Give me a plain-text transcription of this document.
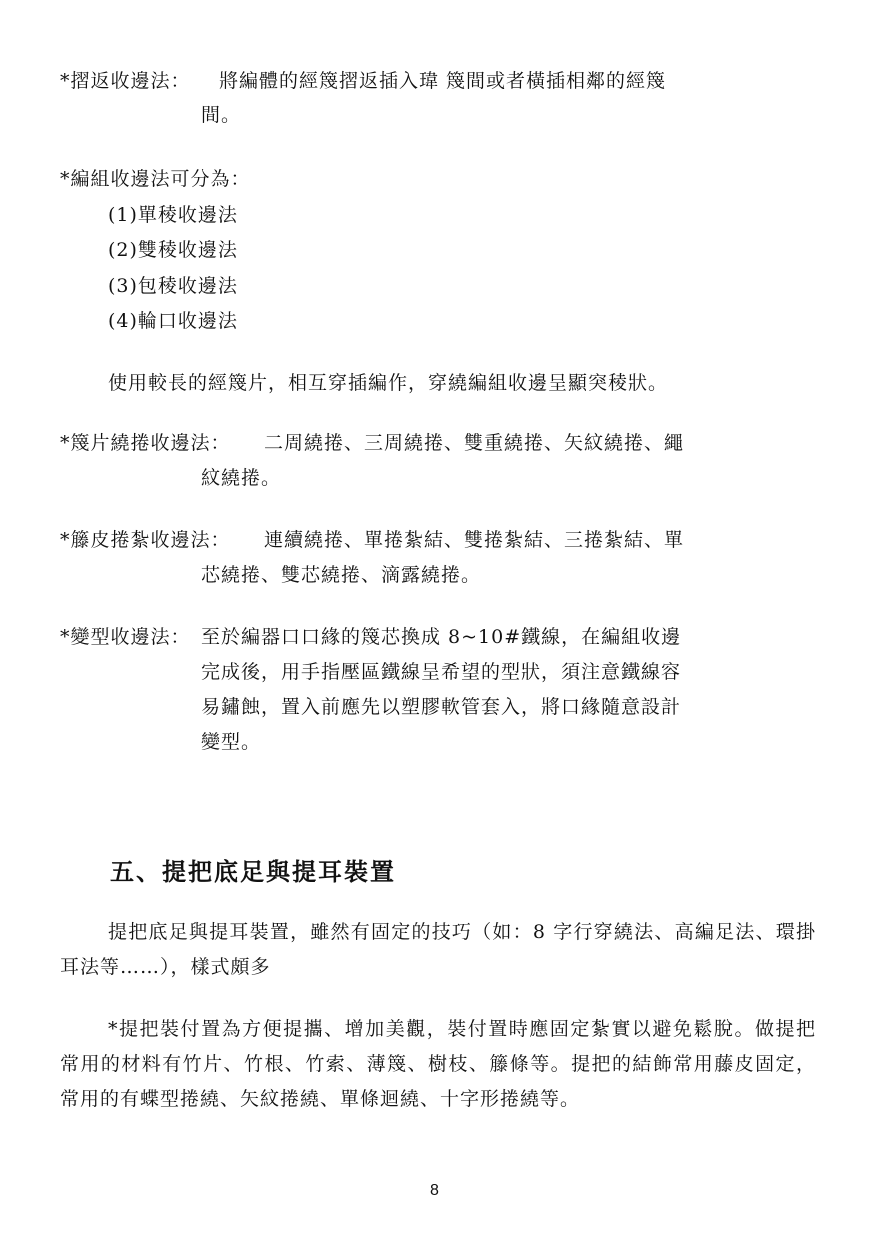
*摺返收邊法： 將編體的經篾摺返插入瑋 篾間或者橫插相鄰的經篾
間。
*編組收邊法可分為：
(1)單稜收邊法
(2)雙稜收邊法
(3)包稜收邊法
(4)輪口收邊法
使用較長的經篾片，相互穿插編作，穿繞編組收邊呈顯突稜狀。
*篾片繞捲收邊法： 二周繞捲、三周繞捲、雙重繞捲、矢紋繞捲、繩
紋繞捲。
*籐皮捲紮收邊法： 連續繞捲、單捲紮結、雙捲紮結、三捲紮結、單
芯繞捲、雙芯繞捲、滴露繞捲。
*變型收邊法： 至於編器口口緣的篾芯換成 8~10#鐵線，在編組收邊
完成後，用手指壓區鐵線呈希望的型狀，須注意鐵線容
易鏽蝕，置入前應先以塑膠軟管套入，將口緣隨意設計
變型。
五、提把底足與提耳裝置

提把底足與提耳裝置，雖然有固定的技巧（如：8 字行穿繞法、高編足法、環掛耳法等……），樣式頗多

*提把裝付置為方便提攜、增加美觀，裝付置時應固定紮實以避免鬆脫。做提把常用的材料有竹片、竹根、竹索、薄篾、樹枝、籐條等。提把的結飾常用藤皮固定，常用的有蝶型捲繞、矢紋捲繞、單條迴繞、十字形捲繞等。

8
